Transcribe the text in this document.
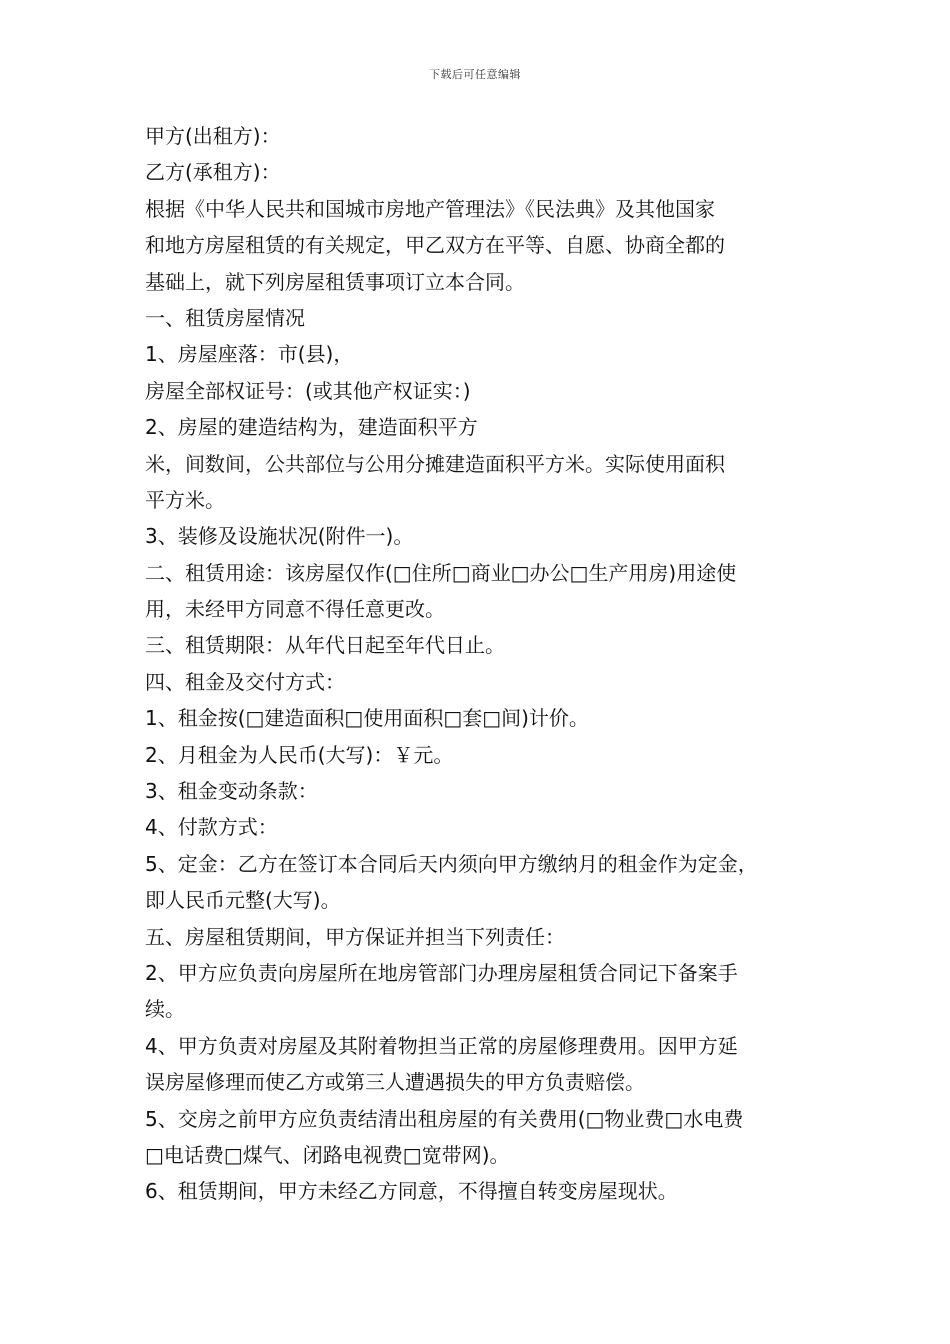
下载后可任意编辑
甲方(出租方)：
乙方(承租方)：
根据《中华人民共和国城市房地产管理法》《民法典》及其他国家
和地方房屋租赁的有关规定，甲乙双方在平等、自愿、协商全都的
基础上，就下列房屋租赁事项订立本合同。
一、租赁房屋情况
1、房屋座落：市(县)，
房屋全部权证号：(或其他产权证实：)
2、房屋的建造结构为，建造面积平方
米，间数间，公共部位与公用分摊建造面积平方米。实际使用面积
平方米。
3、装修及设施状况(附件一)。
二、租赁用途：该房屋仅作(□住所□商业□办公□生产用房)用途使
用，未经甲方同意不得任意更改。
三、租赁期限：从年代日起至年代日止。
四、租金及交付方式：
1、租金按(□建造面积□使用面积□套□间)计价。
2、月租金为人民币(大写)：￥元。
3、租金变动条款：
4、付款方式：
5、定金：乙方在签订本合同后天内须向甲方缴纳月的租金作为定金，
即人民币元整(大写)。
五、房屋租赁期间，甲方保证并担当下列责任：
2、甲方应负责向房屋所在地房管部门办理房屋租赁合同记下备案手
续。
4、甲方负责对房屋及其附着物担当正常的房屋修理费用。因甲方延
误房屋修理而使乙方或第三人遭遇损失的甲方负责赔偿。
5、交房之前甲方应负责结清出租房屋的有关费用(□物业费□水电费
□电话费□煤气、闭路电视费□宽带网)。
6、租赁期间，甲方未经乙方同意，不得擅自转变房屋现状。
